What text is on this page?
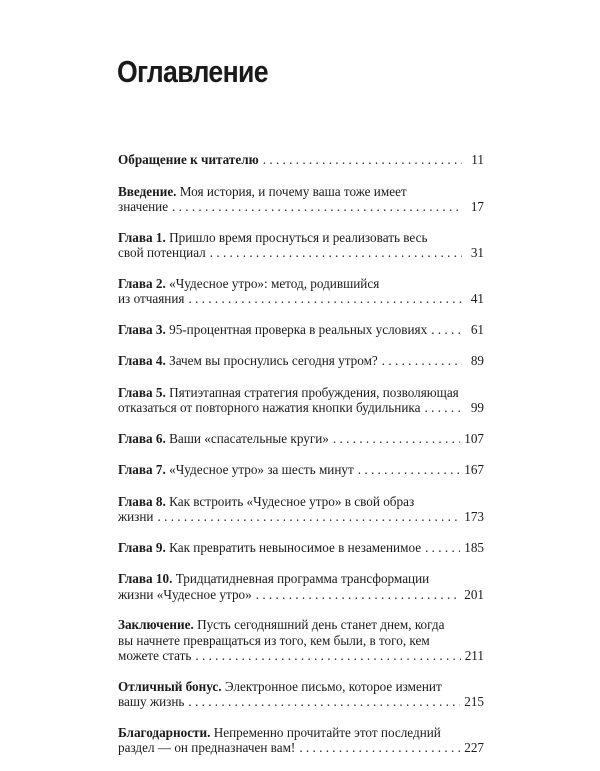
Оглавление
Обращение к читателю . . .	11
Введение. Моя история, и почему ваша тоже имеет
значение . . .	17
Глава 1. Пришло время проснуться и реализовать весь
свой потенциал . . .	31
Глава 2. «Чудесное утро»: метод, родившийся
из отчаяния . . .	41
Глава 3. 95-процентная проверка в реальных условиях . . .	61
Глава 4. Зачем вы проснулись сегодня утром? . . .	89
Глава 5. Пятиэтапная стратегия пробуждения, позволяющая
отказаться от повторного нажатия кнопки будильника . . .	99
Глава 6. Ваши «спасательные круги» . . .	107
Глава 7. «Чудесное утро» за шесть минут . . .	167
Глава 8. Как встроить «Чудесное утро» в свой образ
жизни . . .	173
Глава 9. Как превратить невыносимое в незаменимое . . .	185
Глава 10. Тридцатидневная программа трансформации
жизни «Чудесное утро» . . .	201
Заключение. Пусть сегодняшний день станет днем, когда
вы начнете превращаться из того, кем были, в того, кем
можете стать . . .	211
Отличный бонус. Электронное письмо, которое изменит
вашу жизнь . . .	215
Благодарности. Непременно прочитайте этот последний
раздел — он предназначен вам! . . .	227
